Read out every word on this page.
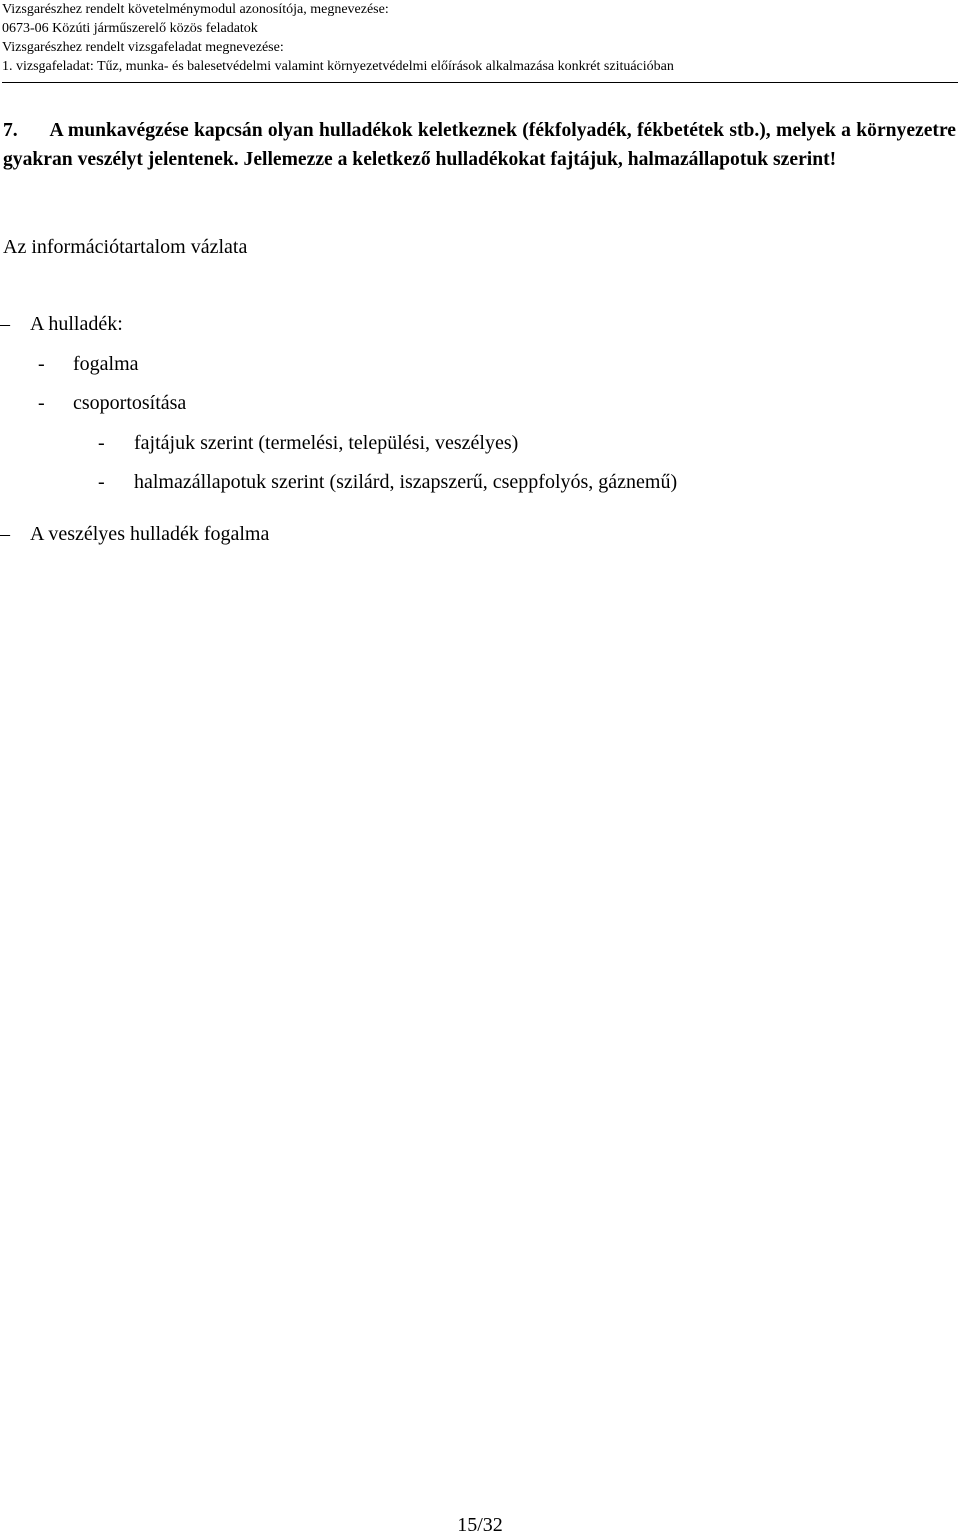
Vizsgarészhez rendelt követelménymodul azonosítója, megnevezése:
0673-06 Közúti járműszerelő közös feladatok
Vizsgarészhez rendelt vizsgafeladat megnevezése:
1. vizsgafeladat: Tűz, munka- és balesetvédelmi valamint környezetvédelmi előírások alkalmazása konkrét szituációban
7. A munkavégzése kapcsán olyan hulladékok keletkeznek (fékfolyadék, fékbetétek stb.), melyek a környezetre gyakran veszélyt jelentenek. Jellemezze a keletkező hulladékokat fajtájuk, halmazállapotuk szerint!
Az információtartalom vázlata
– A hulladék:
- fogalma
- csoportosítása
- fajtájuk szerint (termelési, települési, veszélyes)
- halmazállapotuk szerint (szilárd, iszapszerű, cseppfolyós, gáznemű)
– A veszélyes hulladék fogalma
15/32
